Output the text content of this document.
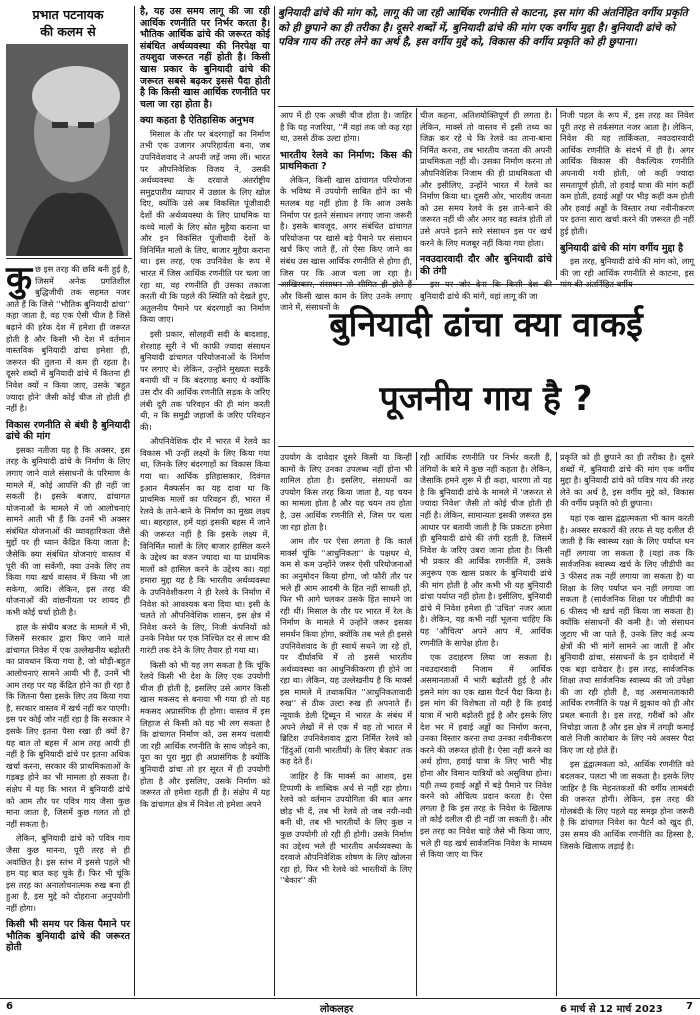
प्रभात पटनायक
की कलम से
बुनियादी ढांचे की मांग को, लागू की जा रही आर्थिक रणनीति से काटना, इस मांग की अंतर्निहित वर्गीय प्रकृति को ही छुपाने का ही तरीका है। दूसरे शब्दों में, बुनियादी ढांचे की मांग एक वर्गीय मुद्दा है। बुनियादी ढांचे को पवित्र गाय की तरह लेने का अर्थ है, इस वर्गीय मुद्दे को, विकास की वर्गीय प्रकृति को ही छुपाना।
बुनियादी ढांचा क्या वाकई
पूजनीय गाय है ?

कुछ इस तरह की छवि बनी हुई है, जिसमें अनेक प्रगतिशील बुद्धिजीवी तक सहमत नजर आते हैं कि जिसे ''भौतिक बुनियादी ढांचा'' कहा जाता है, वह एक ऐसी चीज है जिसे बढ़ाने की हरेक देश में हमेशा ही जरूरत होती है और किसी भी देश में वर्तमान वास्तविक बुनियादी ढांचा हमेशा ही, जरूरत की तुलना में कम ही रहता है। दूसरे शब्दों में बुनियादी ढांचे में कितना ही निवेश क्यों न किया जाए, उसके 'बहुत ज्यादा होने' जैसी कोई चीज तो होती ही नहीं है।

विकास रणनीति से बंधी है बुनियादी ढांचे की मांग

इसका नतीजा यह है कि अक्सर, इस तरह के बुनियादी ढांचे के निर्माण के लिए लगाए जाने वाले संसाधनों के परिमाण के मामले में, कोई आपत्ति की ही नहीं जा सकती है। इसके बजाए, ढांचागत योजनाओं के मामले में जो आलोचनाएं सामने आती भी हैं कि उनमें भी अक्सर संबंधित योजनाओं की व्यावहारिकता जैसे मुद्दों पर ही ध्यान केंद्रित किया जाता है; जैसेकि क्या संबंधित योजनाएं वास्तव में पूरी की जा सकेंगी, क्या उनके लिए तय किया गया खर्च वास्तव में किया भी जा सकेगा, आदि। लेकिन, इस तरह की योजनाओं की वांछनीयता पर शायद ही कभी कोई चर्चा होती है।

हाल के संघीय बजट के मामले में भी, जिसमें सरकार द्वारा किए जाने वाले ढांचागत निवेश में एक उल्लेखनीय बढ़ोतरी का प्रावधान किया गया है, जो थोड़ी-बहुत आलोचनाएं सामने आयी भी हैं, उनमें भी आम तरह पर यह केंद्रित होने का ही रहा है कि जितना पैसा इसके लिए तय किया गया है, सरकार वास्तव में खर्च नहीं कर पाएगी। इस पर कोई जोर नहीं रहा है कि सरकार ने इसके लिए इतना पैसा रखा ही क्यों है? यह बात तो बहस में आम तरह आयी ही नहीं है कि बुनियादी ढांचे पर इतना अधिक खर्चा करना, सरकार की प्राथमिकताओं के गड़बड़ होने का भी मामला हो सकता है। संक्षेप में यह कि भारत में बुनियादी ढांचे को आम तौर पर पवित्र गाय जैसा कुछ माना जाता है, जिसमें कुछ गलत तो हो नहीं सकता है।

लेकिन, बुनियादी ढांचे को पवित्र गाय जैसा कुछ मानना, पूरी तरह से ही अवांछित है। इस स्तंभ में इससे पहले भी हम यह बात कह चुके हैं। फिर भी चूंकि इस तरह का अनालोचनात्मक रुख बना ही हुआ है, इस मुद्दे को दोहराना अनुपयोगी नहीं होगा।

किसी भी समय पर किस पैमाने पर भौतिक बुनियादी ढांचे की जरूरत होती

है, यह उस समय लागू की जा रही आर्थिक रणनीति पर निर्भर करता है। भौतिक आर्थिक ढांचे की जरूरत कोई संबंधित अर्थव्यवस्था की निरपेक्ष या तयशुदा जरूरत नहीं होती है। किसी खास प्रकार के बुनियादी ढांचे की जरूरत सबसे बढ़कर इससे पैदा होती है कि किसी खास आर्थिक रणनीति पर चला जा रहा होता है।

क्या कहता है ऐतिहासिक अनुभव

मिसाल के तौर पर बंदरगाहों का निर्माण तभी एक उजागर अपरिहार्यता बना, जब उपनिवेशवाद ने अपनी जड़ें जमा लीं। भारत पर औपनिवेशिक विजय ने, उसकी अर्थव्यवस्था के दरवाजे अंतर्राष्ट्रीय समुद्रपारीय व्यापार में उछाल के लिए खोल दिए, क्योंकि उसे अब विकसित पूंजीवादी देशों की अर्थव्यवस्था के लिए प्राथमिक या कच्चे मालों के लिए स्रोत मुहैया कराना था और इन विकसित पूंजीवादी देशों के विनिर्मित मालों के लिए, बाजार मुहैया कराना था। इस तरह, एक उपनिवेश के रूप में भारत में जिस आर्थिक रणनीति पर चला जा रहा था, वह रणनीति ही उसका तकाजा करती थी कि पहले की स्थिति को देखते हुए, अतुलनीय पैमाने पर बंदरगाहों का निर्माण किया जाए।

इसी प्रकार, सोलहवीं सदी के बादशाह, शेरशाह सूरी ने भी काफी ज्यादा संसाधन बुनियादी ढांचागत परियोजनाओं के निर्माण पर लगाए थे। लेकिन, उन्होंने मुख्यतः सड़कें बनायी थीं न कि बंदरगाह बनाए थे क्योंकि उस दौर की आर्थिक रणनीति सड़क के जरिए लंबी दूरी तक परिवहन की ही मांग करती थी, न कि समुद्री जहाजों के जरिए परिवहन की।

औपनिवेशिक दौर में भारत में रेलवे का विकास भी उन्हीं लक्ष्यों के लिए किया गया था, जिनके लिए बंदरगाहों का विकास किया गया था। आर्थिक इतिहासकार, दिवंगत इआन मैक्फर्सन का यह दावा था कि प्राथमिक मालों का परिवहन ही, भारत में रेलवे के ताने-बाने के निर्माण का मुख्य लक्ष्य था। बहरहाल, हमें यहां इसकी बहस में जाने की जरूरत नहीं है कि इसके लक्ष्य में, विनिर्मित मालों के लिए बाजार हासिल करने के उद्देश्य का वजन ज्यादा था या प्राथमिक मालों को हासिल करने के उद्देश्य का। यहां हमारा मुद्दा यह है कि भारतीय अर्थव्यवस्था के उपनिवेशीकरण ने ही रेलवे के निर्माण में निवेश को आवश्यक बना दिया था। इसी के चलते तो औपनिवेशिक शासन, इस क्षेत्र में निवेश करने के लिए, निजी कंपनियों को उनके निवेश पर एक निश्चित दर से लाभ की गारंटी तक देने के लिए तैयार हो गया था।

किसी को भी यह लग सकता है कि चूंकि रेलवे किसी भी देश के लिए एक उपयोगी चीज ही होती है, इसलिए उसे आगर किसी खास मकसद से बनाया भी गया हो तो यह मकसद अप्रासंगिक ही होगा। वास्तव में इस लिहाज से किसी को यह भी लग सकता है कि ढांचागत निर्माण को, उस समय चलायी जा रही आर्थिक रणनीति के साथ जोड़ने का, पूरा का पूरा मुद्दा ही अप्रासंगिक है क्योंकि बुनियादी ढांचा तो हर सूरत में ही उपयोगी होता है और इसलिए, उसके निर्माण को जरूरत तो हमेशा रहती ही है। संक्षेप में यह कि ढांचागत क्षेत्र में निवेश तो हमेशा अपने

आप में ही एक अच्छी चीज होता है। जाहिर है कि यह नजरिया, ''मैं यहां तक जो कह रहा था, उससे ठीक उल्टा होगा।

भारतीय रेलवे का निर्माण: किस की प्राथमिकता ?

लेकिन, किसी खास ढांचागत परियोजना के भविष्य में उपयोगी साबित होने का भी मतलब यह नहीं होता है कि आज उसके निर्माण पर इतने संसाधन लगाए जाना जरूरी है। इसके बावजूद, अगर संबंधित ढांचागत परियोजना पर खासे बड़े पैमाने पर संसाधन खर्च किए जाते हैं, तो ऐसा किए जाने का संबंध उस खास आर्थिक रणनीति से होगा ही, जिस पर कि आज चला जा रहा है। आखिरकार, संसाधन तो सीमित ही होते हैं और किसी खास काम के लिए उनके लगाए जाने में, संसाधनों के

चीज कहना, अतिशयोक्तिपूर्ण ही लगता है। लेकिन, मार्क्स तो वास्तव में इसी तथ्य का जिक्र कर रहे थे कि रेलवे का ताना-बाना निर्मित करना, तब भारतीय जनता की अपनी प्राथमिकता नहीं थी। उसका निर्माण करना तो औपनिवेशिक निजाम की ही प्राथमिकता थी और इसीलिए, उन्होंने भारत में रेलवे का निर्माण किया था। दूसरी ओर, भारतीय जनता को उस समय रेलवे के इस ताने-बाने की जरूरत नहीं थी और अगर वह स्वतंत्र होती तो उसे अपने इतने सारे संसाधन इस पर खर्च करने के लिए मजबूर नहीं किया गया होता।

नवउदारवादी दौर और बुनियादी ढांचे की तंगी

इस पर जोर देना कि किसी देश की बुनियादी ढांचे की मांगें, वहां लागू की जा

निजी पहल के रूप में, इस तरह का निवेश पूरी तरह से तर्कसंगत नजर आता है। लेकिन, निवेश की यह तार्किकता, नवउदारवादी आर्थिक रणनीति के संदर्भ में ही है। अगर आर्थिक विकास की वैकल्पिक रणनीति अपनायी गयी होती, जो कहीं ज्यादा समतापूर्ण होती, तो हवाई यात्रा की मांग कहीं कम होती, हवाई अड्डों पर भीड़ कहीं कम होती और हवाई अड्डों के विस्तार तथा नवीनीकरण पर इतना सारा खर्चा करने की जरूरत ही नहीं हुई होती।

बुनियादी ढांचे की मांग वर्गीय मुद्दा है

इस तरह, बुनियादी ढांचे की मांग को, लागू की जा रही आर्थिक रणनीति से काटना, इस मांग की अंतर्निहित वर्गीय

उपयोग के दावेदार दूसरे किसी या किन्हीं कामों के लिए उनका उपलब्ध नहीं होना भी शामिल होता है। इसलिए, संसाधनों का उपयोग किस तरह किया जाता है, यह चयन का मामला होता है और यह चयन तय होता है, उस आर्थिक रणनीति से, जिस पर चला जा रहा होता है।

आम तौर पर ऐसा लगता है कि कार्ल मार्क्स चूंकि ''आधुनिकता'' के पक्षधर थे, कम से कम उन्होंने जरूर ऐसी परियोजनाओं का अनुमोदन किया होगा, जो फौरी तौर पर भले ही आम आदमी के हित नहीं साधती हों, फिर भी आगे चलकर उसके हित साधने जा रही थीं। मिसाल के तौर पर भारत में रेल के निर्माण के मामले में उन्होंने जरूर इसका समर्थन किया होगा, क्योंकि तब भले ही इससे उपनिवेशवाद के ही स्वार्थ सधने जा रहे हों, पर दीर्घावधि में तो इससे भारतीय अर्थव्यवस्था का आधुनिकीकरण ही होने जा रहा था। लेकिन, यह उल्लेखनीय है कि मार्क्स इस मामले में तथाकथित ''आधुनिकतावादी रुख'' से ठीक उल्टा रुख ही अपनाते हैं। न्यूयार्क डेली ट्रिब्यून में भारत के संबंध में अपने लेखों में से एक में वह तो भारत में ब्रिटिश उपनिवेशवाद द्वारा निर्मित रेलवे को 'हिंदुओं (यानी भारतीयों) के लिए बेकार' तक कह देते हैं।

जाहिर है कि मार्क्स का आशय, इस टिप्पणी के शाब्दिक अर्थ से नहीं रहा होगा। रेलवे को वर्तमान उपयोगिता की बात अगर छोड़ भी दें, तब भी रेलवे तो जब नयी-नयी बनी थी, तब भी भारतीयों के लिए कुछ न कुछ उपयोगी तो रही ही होगी। उसके निर्माण का उद्देश्य भले ही भारतीय अर्थव्यवस्था के दरवाजे औपनिवेशिक शोषण के लिए खोलना रहा हो, फिर भी रेलवे को भारतीयों के लिए ''बेकार'' की

रही आर्थिक रणनीति पर निर्भर करती हैं, तंगियों के बारे में कुछ नहीं कहता है। लेकिन, जैसाकि हमने शुरू में ही कहा, धारणा तो यह है कि बुनियादी ढांचे के मामले में 'जरूरत से ज्यादा निवेश' जैसी तो कोई चीज होती ही नहीं है। लेकिन, सामान्यतः इसकी जरूरत इस आधार पर बतायी जाती है कि प्रकटतः हमेशा ही बुनियादी ढांचे की तंगी रहती है, जिसमें निवेश के जरिए उबरा जाना होता है। किसी भी प्रकार की आर्थिक रणनीति में, उसके अनुरूप एक खास प्रकार के बुनियादी ढांचे की मांग होती है और कभी भी यह बुनियादी ढांचा पर्याप्त नहीं होता है। इसीलिए, बुनियादी ढांचे में निवेश हमेशा ही 'उचित' नजर आता है। लेकिन, यह कभी नहीं भूलना चाहिए कि यह 'औचित्य' अपने आप में, आर्थिक रणनीति के सापेक्ष होता है।

एक उदाहरण लिया जा सकता है। नवउदारवादी निजाम में आर्थिक असमानताओं में भारी बढ़ोतरी हुई है और इसने मांग का एक खास पैटर्न पैदा किया है। इस मांग की विशेषता तो यही है कि हवाई यात्रा में भारी बढ़ोतरी हुई है और इसके लिए देश भर में हवाई अड्डों का निर्माण करना, उनका विस्तार करना तथा उनका नवीनीकरण करने की जरूरत होती है। ऐसा नहीं करने का अर्थ होगा, हवाई यात्रा के लिए भारी भीड़ होना और विमान यात्रियों को असुविधा होना। यही तथ्य हवाई अड्डों में बड़े पैमाने पर निवेश करने को औचित्य प्रदान करता है। ऐसा लगता है कि इस तरह के निवेश के खिलाफ तो कोई दलील दी ही नहीं जा सकती है। और इस तरह का निवेश चाहे जैसे भी किया जाए, भले ही यह खर्च सार्वजनिक निवेश के माध्यम से किया जाए या फिर

प्रकृति को ही छुपाने का ही तरीका है। दूसरे शब्दों में, बुनियादी ढांचे की मांग एक वर्गीय मुद्दा है। बुनियादी ढांचे को पवित्र गाय की तरह लेने का अर्थ है, इस वर्गीय मुद्दे को, विकास की वर्गीय प्रकृति को ही छुपाना।

यहां एक खास द्वंद्वात्मकता भी काम करती है। अक्सर सरकारों की तरफ से यह दलील दी जाती है कि स्वास्थ्य रक्षा के लिए पर्याप्त धन नहीं लगाया जा सकता है (यहां तक कि सार्वजनिक स्वास्थ्य खर्च के लिए जीडीपी का 3 फीसद तक नहीं लगाया जा सकता है) या शिक्षा के लिए पर्याप्त धन नहीं लगाया जा सकता है (सार्वजनिक शिक्षा पर जीडीपी का 6 फीसद भी खर्च नहीं किया जा सकता है) क्योंकि संसाधनों की कमी है। जो संसाधन जुटाए भी जा पाते हैं, उनके लिए कई अन्य क्षेत्रों की भी मांगें सामने आ जाती हैं और बुनियादी ढांचा, संसाधनों के इन दावेदारों में एक बड़ा दावेदार है। इस तरह, सार्वजनिक शिक्षा तथा सार्वजनिक स्वास्थ्य की जो उपेक्षा की जा रही होती है, वह असमानताकारी आर्थिक रणनीति के पक्ष में झुकाव को ही और प्रबल बनाती है। इस तरह, गरीबों को और निचोड़ा जाता है और इस क्षेत्र में तगड़ी कमाई वाले निजी कारोबार के लिए नये अवसर पैदा किए जा रहे होते हैं।

इस द्वंद्वात्मकता को, आर्थिक रणनीति को बदलकर, पलटा भी जा सकता है। इसके लिए जाहिर है कि मेहनतकशों की वर्गीय लामबंदी की जरूरत होगी। लेकिन, इस तरह की गोलबंदी के लिए पहले यह समझ होना जरूरी है कि ढांचागत निवेश का पैटर्न को खुद ही, उस समय की आर्थिक रणनीति का हिस्सा है, जिसके खिलाफ लड़ाई है।

6	लोकलहर	6 मार्च से 12 मार्च 2023 7
